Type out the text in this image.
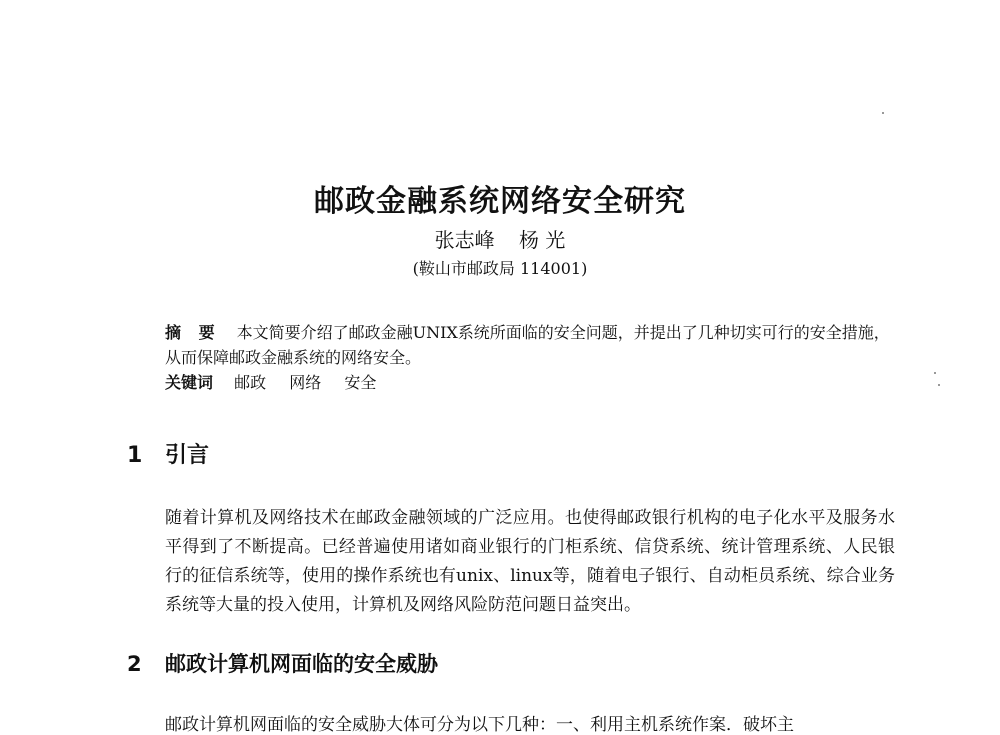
邮政金融系统网络安全研究
张志峰 杨 光
(鞍山市邮政局 114001)
摘 要 本文简要介绍了邮政金融UNIX系统所面临的安全问题，并提出了几种切实可行的安全措施，从而保障邮政金融系统的网络安全。
关键词 邮政 网络 安全
1 引言
随着计算机及网络技术在邮政金融领域的广泛应用。也使得邮政银行机构的电子化水平及服务水平得到了不断提高。已经普遍使用诸如商业银行的门柜系统、信贷系统、统计管理系统、人民银行的征信系统等，使用的操作系统也有unix、linux等，随着电子银行、自动柜员系统、综合业务系统等大量的投入使用，计算机及网络风险防范问题日益突出。
2 邮政计算机网面临的安全威胁
邮政计算机网面临的安全威胁大体可分为以下几种：一、利用主机系统作案．破坏主
